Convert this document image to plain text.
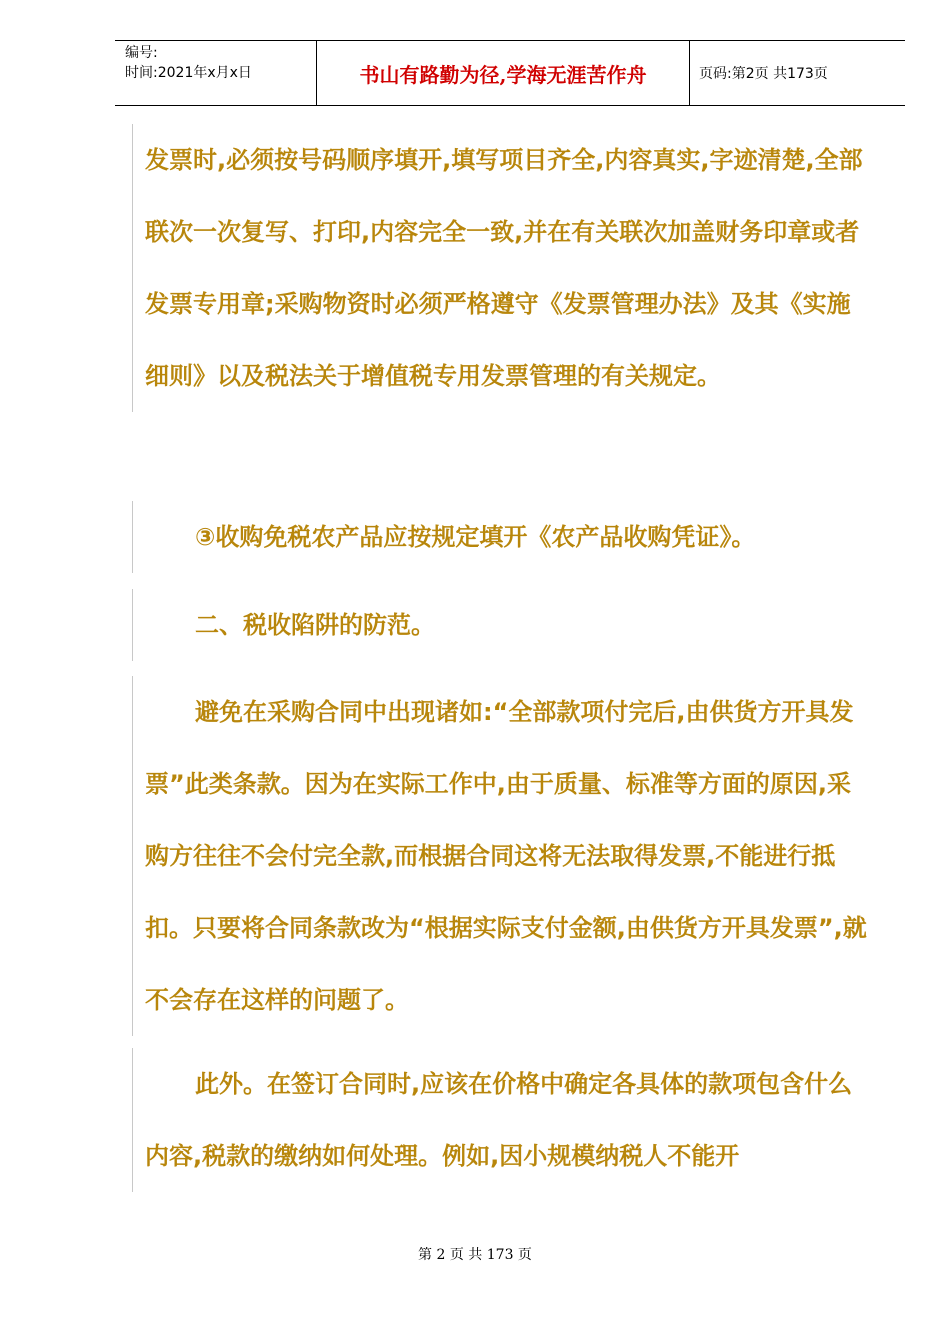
编号:
时间:2021年x月x日	书山有路勤为径,学海无涯苦作舟	页码:第2页 共173页

发票时,必须按号码顺序填开,填写项目齐全,内容真实,字迹清楚,全部联次一次复写、打印,内容完全一致,并在有关联次加盖财务印章或者发票专用章;采购物资时必须严格遵守《发票管理办法》及其《实施细则》以及税法关于增值税专用发票管理的有关规定。

③收购免税农产品应按规定填开《农产品收购凭证》。

二、税收陷阱的防范。

避免在采购合同中出现诸如:“全部款项付完后,由供货方开具发票”此类条款。因为在实际工作中,由于质量、标准等方面的原因,采购方往往不会付完全款,而根据合同这将无法取得发票,不能进行抵扣。只要将合同条款改为“根据实际支付金额,由供货方开具发票”,就不会存在这样的问题了。

此外。在签订合同时,应该在价格中确定各具体的款项包含什么内容,税款的缴纳如何处理。例如,因小规模纳税人不能开

第 2 页 共 173 页
